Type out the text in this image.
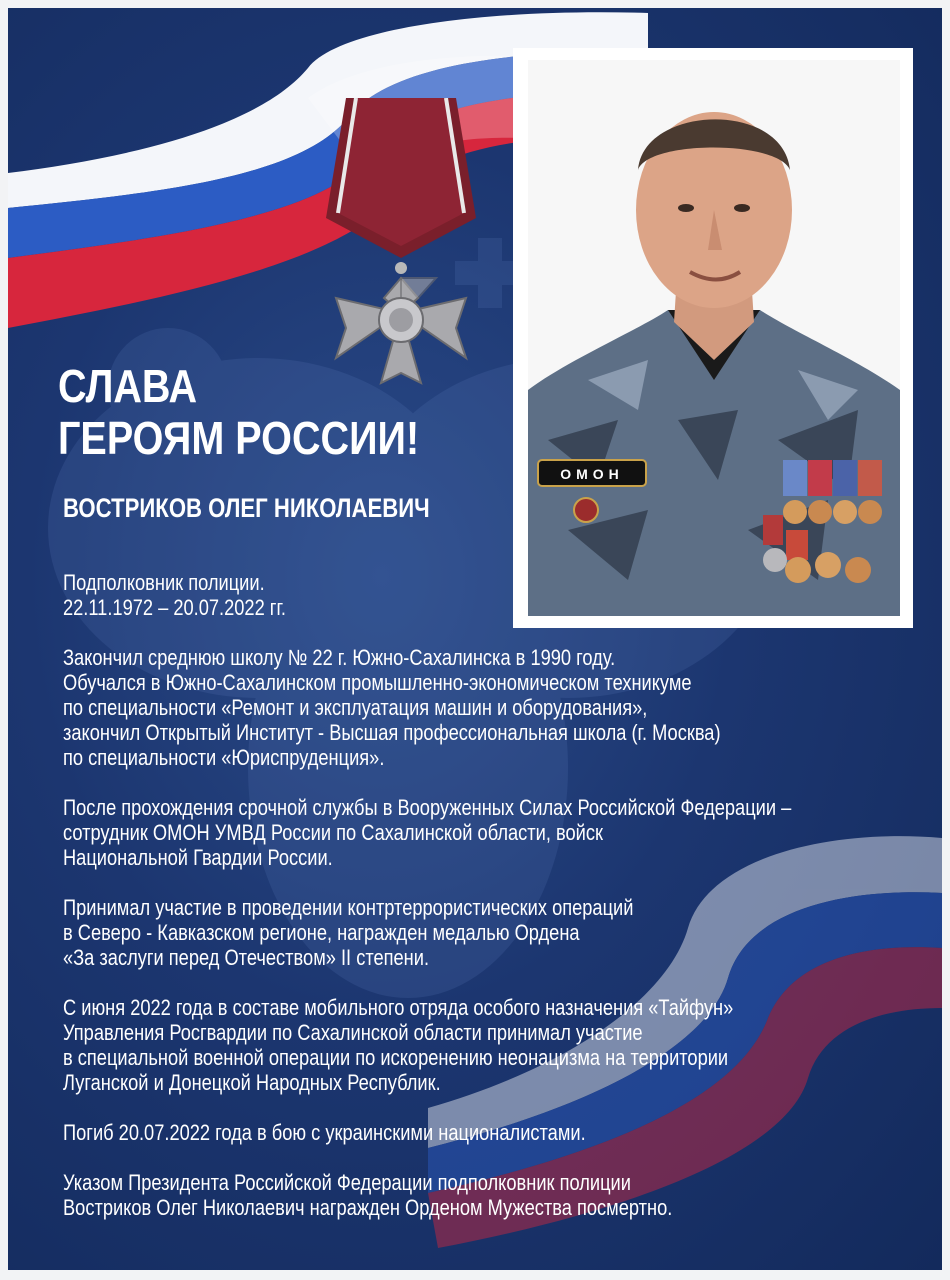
ОМОН
СЛАВА
ГЕРОЯМ РОССИИ!
ВОСТРИКОВ ОЛЕГ НИКОЛАЕВИЧ

Подполковник полиции.
22.11.1972 – 20.07.2022 гг.

Закончил среднюю школу № 22 г. Южно-Сахалинска в 1990 году.
Обучался в Южно-Сахалинском промышленно-экономическом техникуме
по специальности «Ремонт и эксплуатация машин и оборудования»,
закончил Открытый Институт - Высшая профессиональная школа (г. Москва)
по специальности «Юриспруденция».

После прохождения срочной службы в Вооруженных Силах Российской Федерации –
сотрудник ОМОН УМВД России по Сахалинской области, войск
Национальной Гвардии России.

Принимал участие в проведении контртеррористических операций
в Северо - Кавказском регионе, награжден медалью Ордена
«За заслуги перед Отечеством» II степени.

С июня 2022 года в составе мобильного отряда особого назначения «Тайфун»
Управления Росгвардии по Сахалинской области принимал участие
в специальной военной операции по искоренению неонацизма на территории
Луганской и Донецкой Народных Республик.

Погиб 20.07.2022 года в бою с украинскими националистами.

Указом Президента Российской Федерации подполковник полиции
Востриков Олег Николаевич награжден Орденом Мужества посмертно.
